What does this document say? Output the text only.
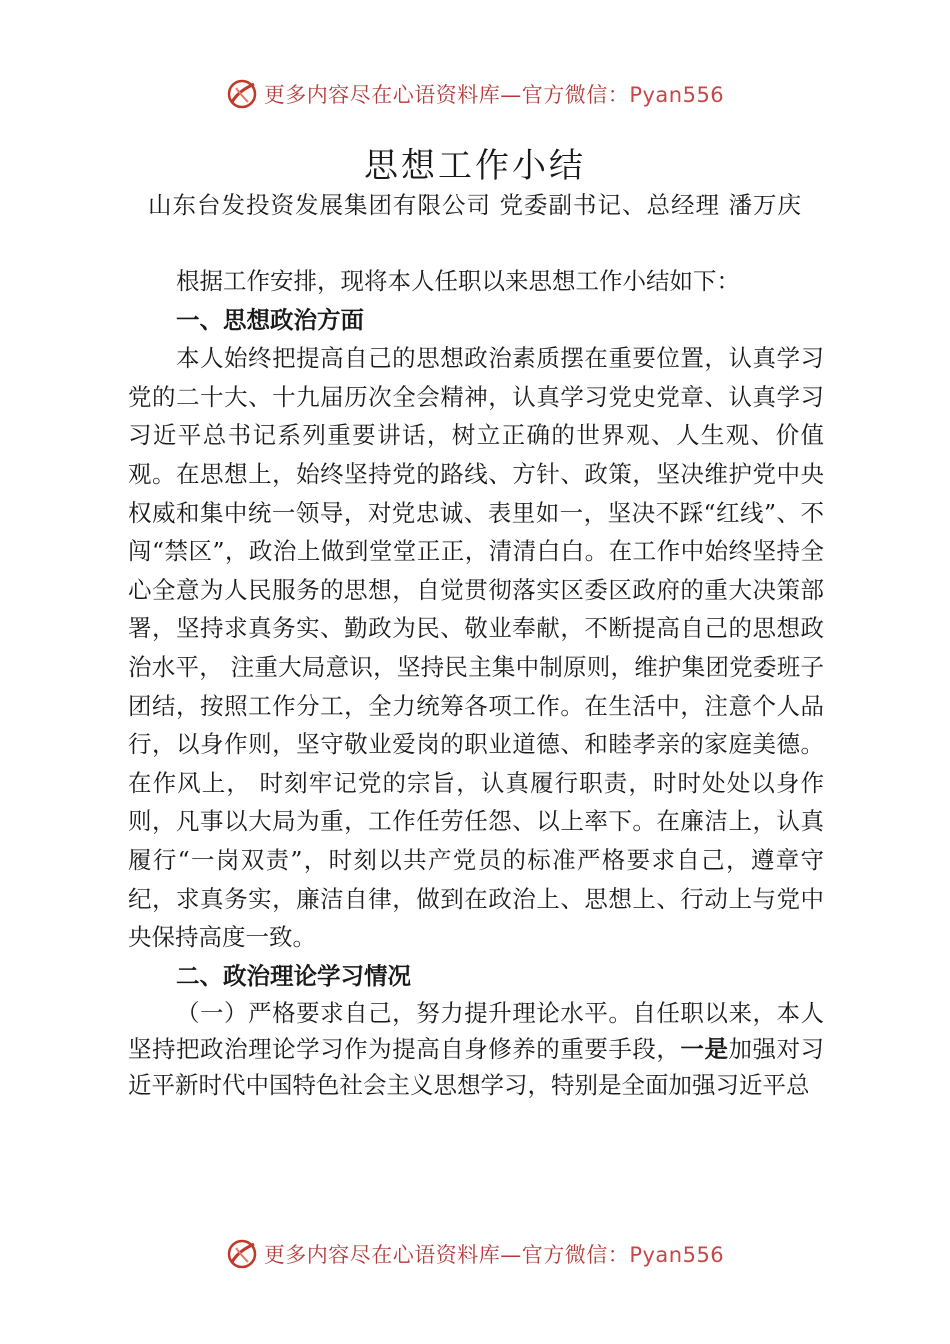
更多内容尽在心语资料库—官方微信：Pyan556
思想工作小结
山东台发投资发展集团有限公司 党委副书记、总经理 潘万庆

根据工作安排，现将本人任职以来思想工作小结如下：

一、思想政治方面

本人始终把提高自己的思想政治素质摆在重要位置，认真学习党的二十大、十九届历次全会精神，认真学习党史党章、认真学习习近平总书记系列重要讲话，树立正确的世界观、人生观、价值观。在思想上，始终坚持党的路线、方针、政策，坚决维护党中央权威和集中统一领导，对党忠诚、表里如一，坚决不踩“红线”、不闯“禁区”，政治上做到堂堂正正，清清白白。在工作中始终坚持全心全意为人民服务的思想，自觉贯彻落实区委区政府的重大决策部署，坚持求真务实、勤政为民、敬业奉献，不断提高自己的思想政治水平， 注重大局意识，坚持民主集中制原则，维护集团党委班子团结，按照工作分工，全力统筹各项工作。在生活中，注意个人品行，以身作则，坚守敬业爱岗的职业道德、和睦孝亲的家庭美德。在作风上， 时刻牢记党的宗旨，认真履行职责，时时处处以身作则，凡事以大局为重，工作任劳任怨、以上率下。在廉洁上，认真履行“一岗双责”，时刻以共产党员的标准严格要求自己，遵章守纪，求真务实，廉洁自律，做到在政治上、思想上、行动上与党中央保持高度一致。

二、政治理论学习情况

（一）严格要求自己，努力提升理论水平。自任职以来，本人坚持把政治理论学习作为提高自身修养的重要手段，一是加强对习近平新时代中国特色社会主义思想学习，特别是全面加强习近平总

更多内容尽在心语资料库—官方微信：Pyan556
